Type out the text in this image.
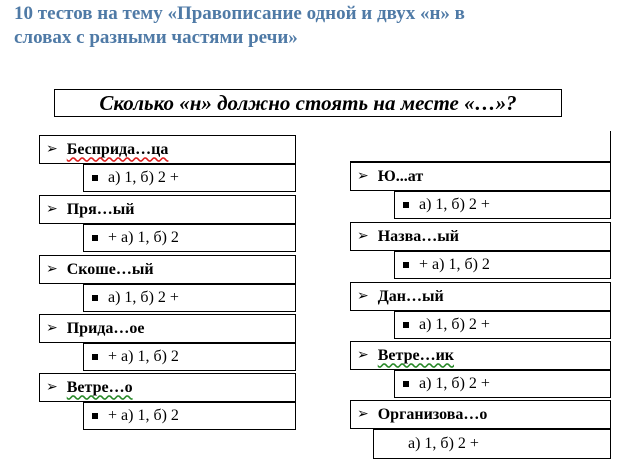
10 тестов на тему «Правописание одной и двух «н» в
словах с разными частями речи»
Сколько «н» должно стоять на месте «…»?
➢ Бесприда…ца
а) 1, б) 2 +
➢ Пря…ый
+ а) 1, б) 2
➢ Скоше…ый
а) 1, б) 2 +
➢ Прида…ое
+ а) 1, б) 2
➢ Ветре…о
+ а) 1, б) 2
➢ Ю...ат
а) 1, б) 2 +
➢ Назва…ый
+ а) 1, б) 2
➢ Дан…ый
а) 1, б) 2 +
➢ Ветре…ик
а) 1, б) 2 +
➢ Организова…о
а) 1, б) 2 +
